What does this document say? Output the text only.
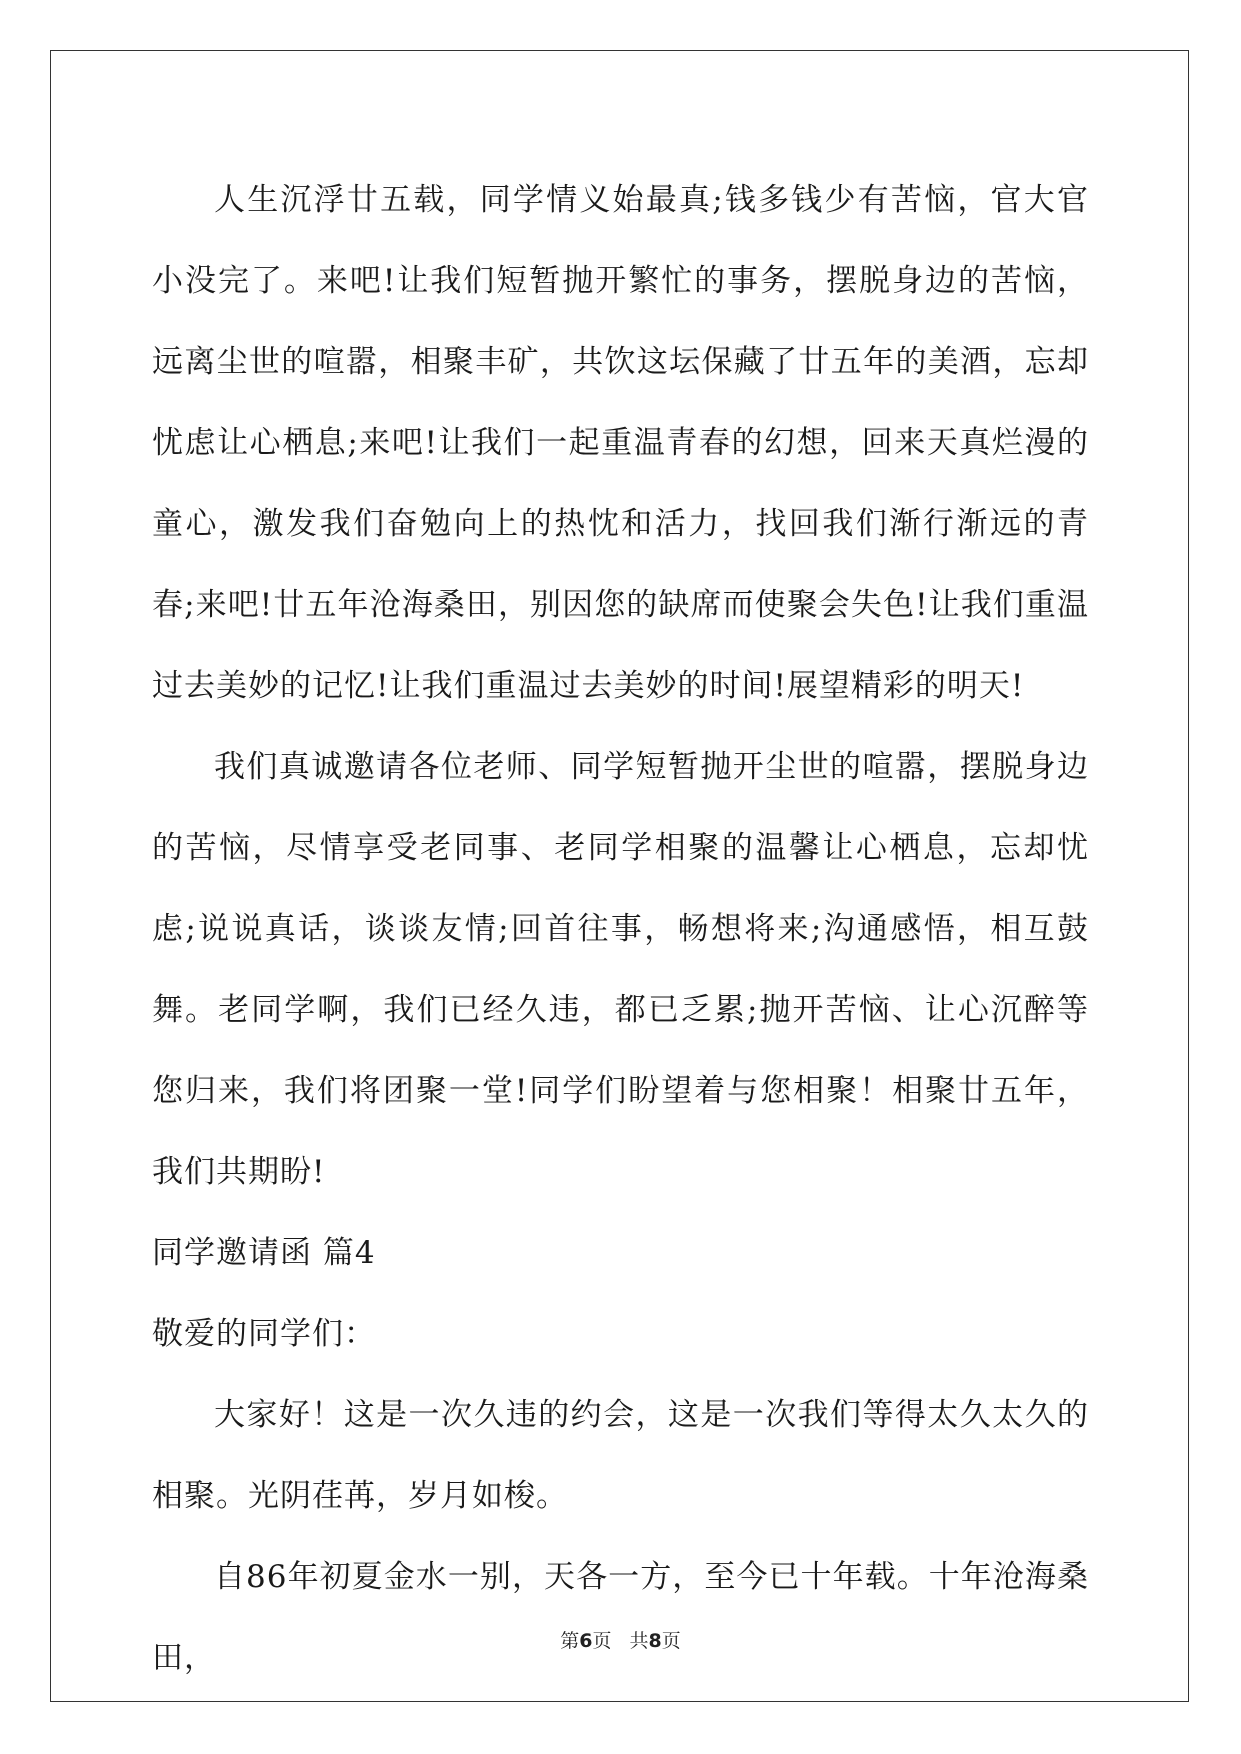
人生沉浮廿五载，同学情义始最真;钱多钱少有苦恼，官大官小没完了。来吧!让我们短暂抛开繁忙的事务，摆脱身边的苦恼，远离尘世的喧嚣，相聚丰矿，共饮这坛保藏了廿五年的美酒，忘却忧虑让心栖息;来吧!让我们一起重温青春的幻想，回来天真烂漫的童心，激发我们奋勉向上的热忱和活力，找回我们渐行渐远的青春;来吧!廿五年沧海桑田，别因您的缺席而使聚会失色!让我们重温过去美妙的记忆!让我们重温过去美妙的时间!展望精彩的明天!

我们真诚邀请各位老师、同学短暂抛开尘世的喧嚣，摆脱身边的苦恼，尽情享受老同事、老同学相聚的温馨让心栖息，忘却忧虑;说说真话，谈谈友情;回首往事，畅想将来;沟通感悟，相互鼓舞。老同学啊，我们已经久违，都已乏累;抛开苦恼、让心沉醉等您归来，我们将团聚一堂!同学们盼望着与您相聚！相聚廿五年，我们共期盼!

同学邀请函 篇4

敬爱的同学们：

大家好！这是一次久违的约会，这是一次我们等得太久太久的相聚。光阴荏苒，岁月如梭。

自86年初夏金水一别，天各一方，至今已十年载。十年沧海桑田，	第6页 共8页
